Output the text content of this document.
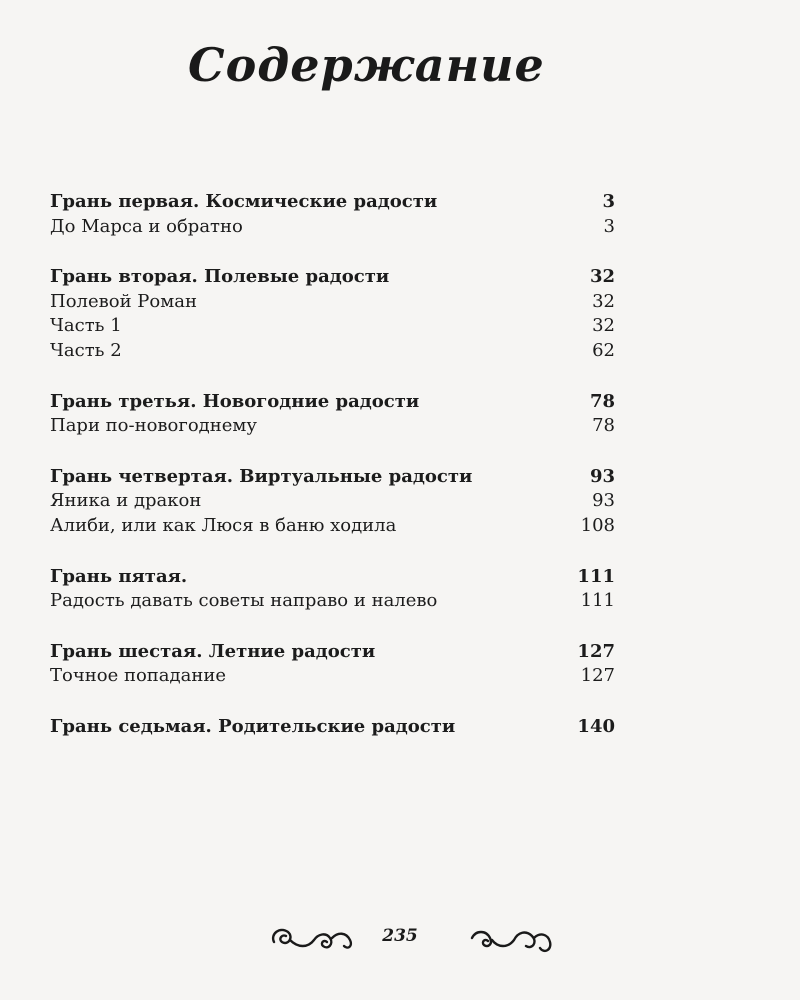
Содержание
Грань первая. Космические радости	3
До Марса и обратно	3
Грань вторая. Полевые радости	32
Полевой Роман	32
Часть 1	32
Часть 2	62
Грань третья. Новогодние радости	78
Пари по-новогоднему	78
Грань четвертая. Виртуальные радости	93
Яника и дракон	93
Алиби, или как Люся в баню ходила	108
Грань пятая.	111
Радость давать советы направо и налево	111
Грань шестая. Летние радости	127
Точное попадание	127
Грань седьмая. Родительские радости	140
235
